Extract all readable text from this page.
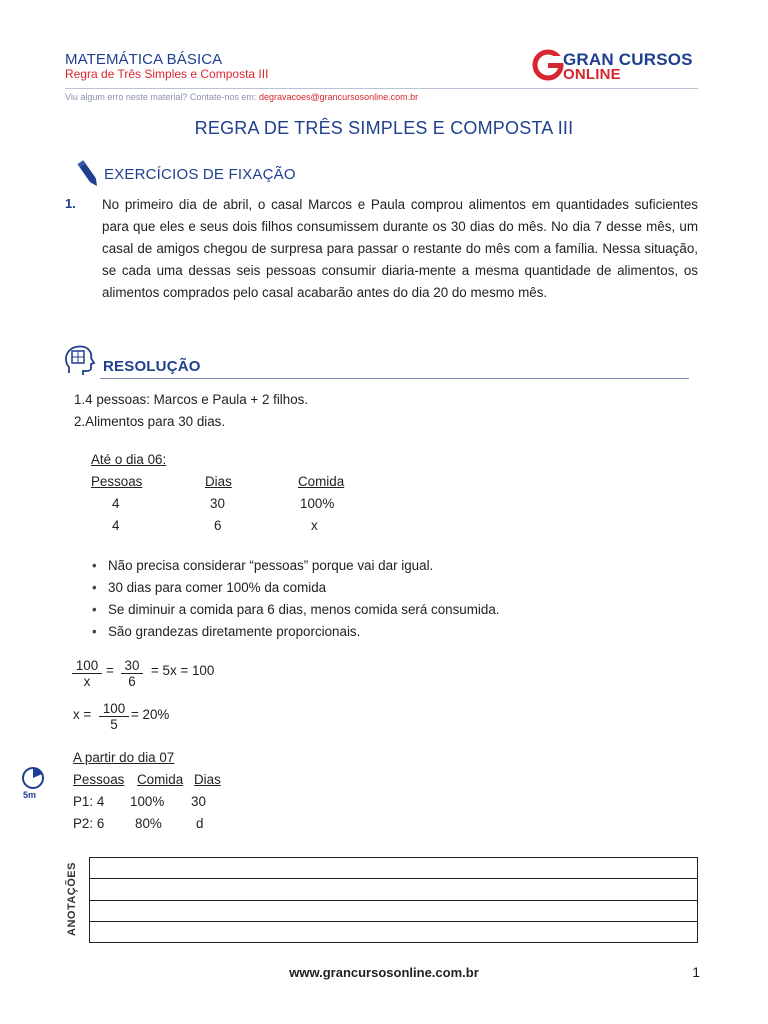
MATEMÁTICA BÁSICA
Regra de Três Simples e Composta III
GRAN CURSOS
ONLINE
Viu algum erro neste material? Contate-nos em: degravacoes@grancursosonline.com.br
REGRA DE TRÊS SIMPLES E COMPOSTA III
EXERCÍCIOS DE FIXAÇÃO
1. No primeiro dia de abril, o casal Marcos e Paula comprou alimentos em quantidades suficientes para que eles e seus dois filhos consumissem durante os 30 dias do mês. No dia 7 desse mês, um casal de amigos chegou de surpresa para passar o restante do mês com a família. Nessa situação, se cada uma dessas seis pessoas consumir diaria-mente a mesma quantidade de alimentos, os alimentos comprados pelo casal acabarão antes do dia 20 do mesmo mês.
RESOLUÇÃO
1.4 pessoas: Marcos e Paula + 2 filhos.
2.Alimentos para 30 dias.
Até o dia 06:
Pessoas	Dias	Comida
4	30	100%
4	6	x
• Não precisa considerar “pessoas” porque vai dar igual.
• 30 dias para comer 100% da comida
• Se diminuir a comida para 6 dias, menos comida será consumida.
• São grandezas diretamente proporcionais.
$\frac{100}{x} = \frac{30}{6} = 5x = 100$
$x = \frac{100}{5} = 20\%$
5m
A partir do dia 07
Pessoas Comida Dias
P1: 4 100% 30
P2: 6 80%	d
ANOTAÇÕES
www.grancursosonline.com.br	1
